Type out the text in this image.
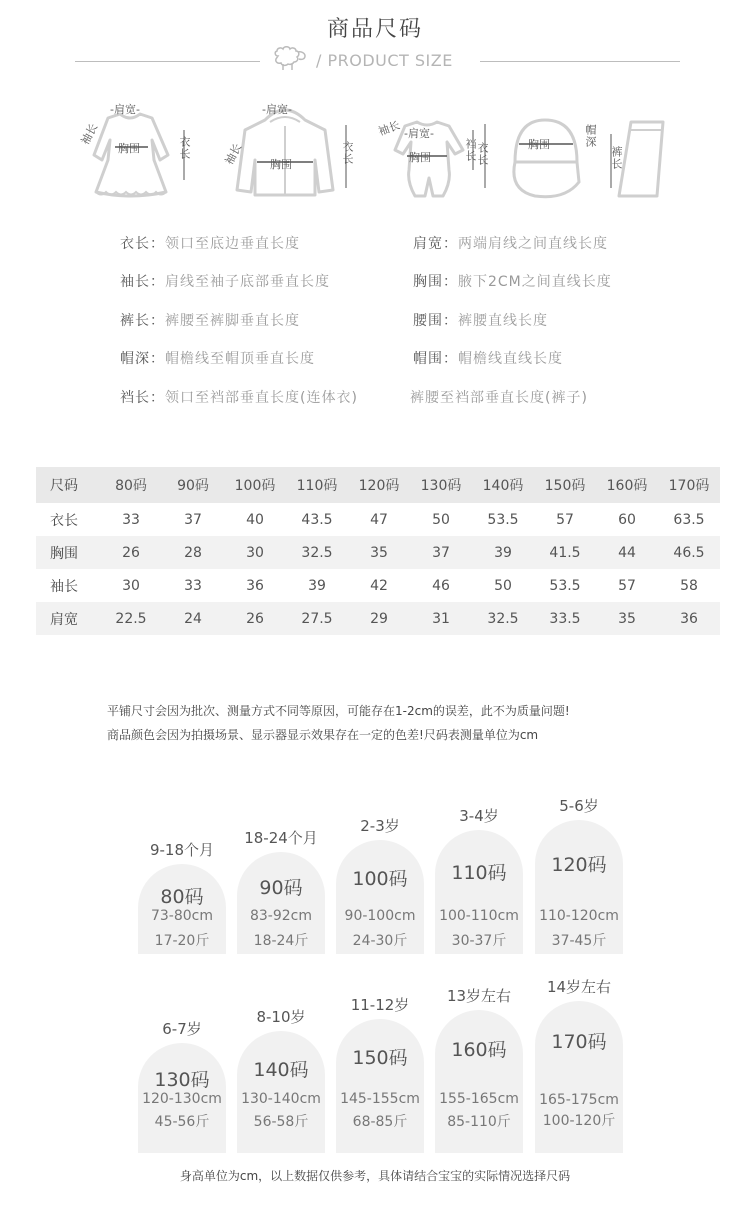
商品尺码
/ PRODUCT SIZE
-肩宽-
袖长
胸围	衣长
-肩宽-
袖长 胸围	衣长
袖长 -肩宽-
胸围	裆长 衣长	胸围	帽深
裤长
衣长：领口至底边垂直长度	肩宽：两端肩线之间直线长度
袖长：肩线至袖子底部垂直长度	胸围：腋下2CM之间直线长度
裤长：裤腰至裤脚垂直长度	腰围：裤腰直线长度
帽深：帽檐线至帽顶垂直长度	帽围：帽檐线直线长度
裆长：领口至裆部垂直长度(连体衣)	裤腰至裆部垂直长度(裤子)
尺码	80码	90码	100码	110码	120码	130码	140码	150码	160码	170码
衣长	33	37	40	43.5	47	50	53.5	57	60	63.5
胸围	26	28	30	32.5	35	37	39	41.5	44	46.5
袖长	30	33	36	39	42	46	50	53.5	57	58
肩宽	22.5	24	26	27.5	29	31	32.5	33.5	35	36
平铺尺寸会因为批次、测量方式不同等原因，可能存在1-2cm的误差，此不为质量问题!
商品颜色会因为拍摄场景、显示器显示效果存在一定的色差!尺码表测量单位为cm
9-18个月
80码
73-80cm
17-20斤
18-24个月
90码
83-92cm
18-24斤
2-3岁
100码
90-100cm
24-30斤
3-4岁
110码
100-110cm
30-37斤
5-6岁
120码
110-120cm
37-45斤
6-7岁
130码
120-130cm
45-56斤
8-10岁
140码
130-140cm
56-58斤
11-12岁
150码
145-155cm
68-85斤
13岁左右
160码
155-165cm
85-110斤
14岁左右
170码
165-175cm
100-120斤
身高单位为cm，以上数据仅供参考，具体请结合宝宝的实际情况选择尺码
